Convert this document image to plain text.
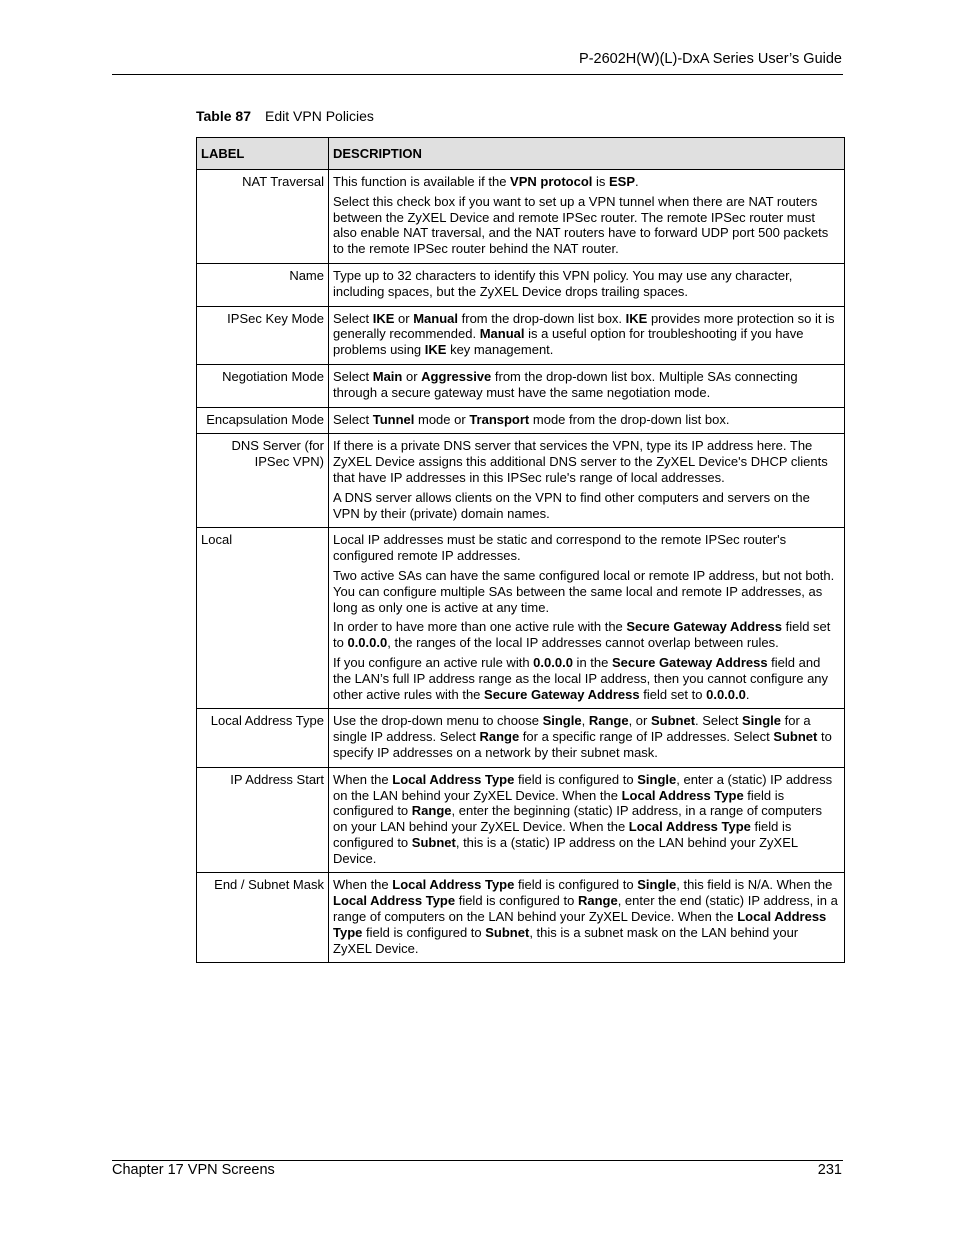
P-2602H(W)(L)-DxA Series User’s Guide
Table 87 Edit VPN Policies
LABEL	DESCRIPTION
NAT Traversal	This function is available if the VPN protocol is ESP.

Select this check box if you want to set up a VPN tunnel when there are NAT routers between the ZyXEL Device and remote IPSec router. The remote IPSec router must also enable NAT traversal, and the NAT routers have to forward UDP port 500 packets to the remote IPSec router behind the NAT router.

Name	Type up to 32 characters to identify this VPN policy. You may use any character, including spaces, but the ZyXEL Device drops trailing spaces.

IPSec Key Mode	Select IKE or Manual from the drop-down list box. IKE provides more protection so it is generally recommended. Manual is a useful option for troubleshooting if you have problems using IKE key management.

Negotiation Mode	Select Main or Aggressive from the drop-down list box. Multiple SAs connecting through a secure gateway must have the same negotiation mode.

Encapsulation Mode	Select Tunnel mode or Transport mode from the drop-down list box.

DNS Server (for IPSec VPN)	If there is a private DNS server that services the VPN, type its IP address here. The ZyXEL Device assigns this additional DNS server to the ZyXEL Device's DHCP clients that have IP addresses in this IPSec rule's range of local addresses.

A DNS server allows clients on the VPN to find other computers and servers on the VPN by their (private) domain names.

Local	Local IP addresses must be static and correspond to the remote IPSec router's configured remote IP addresses.

Two active SAs can have the same configured local or remote IP address, but not both. You can configure multiple SAs between the same local and remote IP addresses, as long as only one is active at any time.

In order to have more than one active rule with the Secure Gateway Address field set to 0.0.0.0, the ranges of the local IP addresses cannot overlap between rules.

If you configure an active rule with 0.0.0.0 in the Secure Gateway Address field and the LAN’s full IP address range as the local IP address, then you cannot configure any other active rules with the Secure Gateway Address field set to 0.0.0.0.

Local Address Type	Use the drop-down menu to choose Single, Range, or Subnet. Select Single for a single IP address. Select Range for a specific range of IP addresses. Select Subnet to specify IP addresses on a network by their subnet mask.

IP Address Start	When the Local Address Type field is configured to Single, enter a (static) IP address on the LAN behind your ZyXEL Device. When the Local Address Type field is configured to Range, enter the beginning (static) IP address, in a range of computers on your LAN behind your ZyXEL Device. When the Local Address Type field is configured to Subnet, this is a (static) IP address on the LAN behind your ZyXEL Device.

End / Subnet Mask	When the Local Address Type field is configured to Single, this field is N/A. When the Local Address Type field is configured to Range, enter the end (static) IP address, in a range of computers on the LAN behind your ZyXEL Device. When the Local Address Type field is configured to Subnet, this is a subnet mask on the LAN behind your ZyXEL Device.

Chapter 17 VPN Screens	231
